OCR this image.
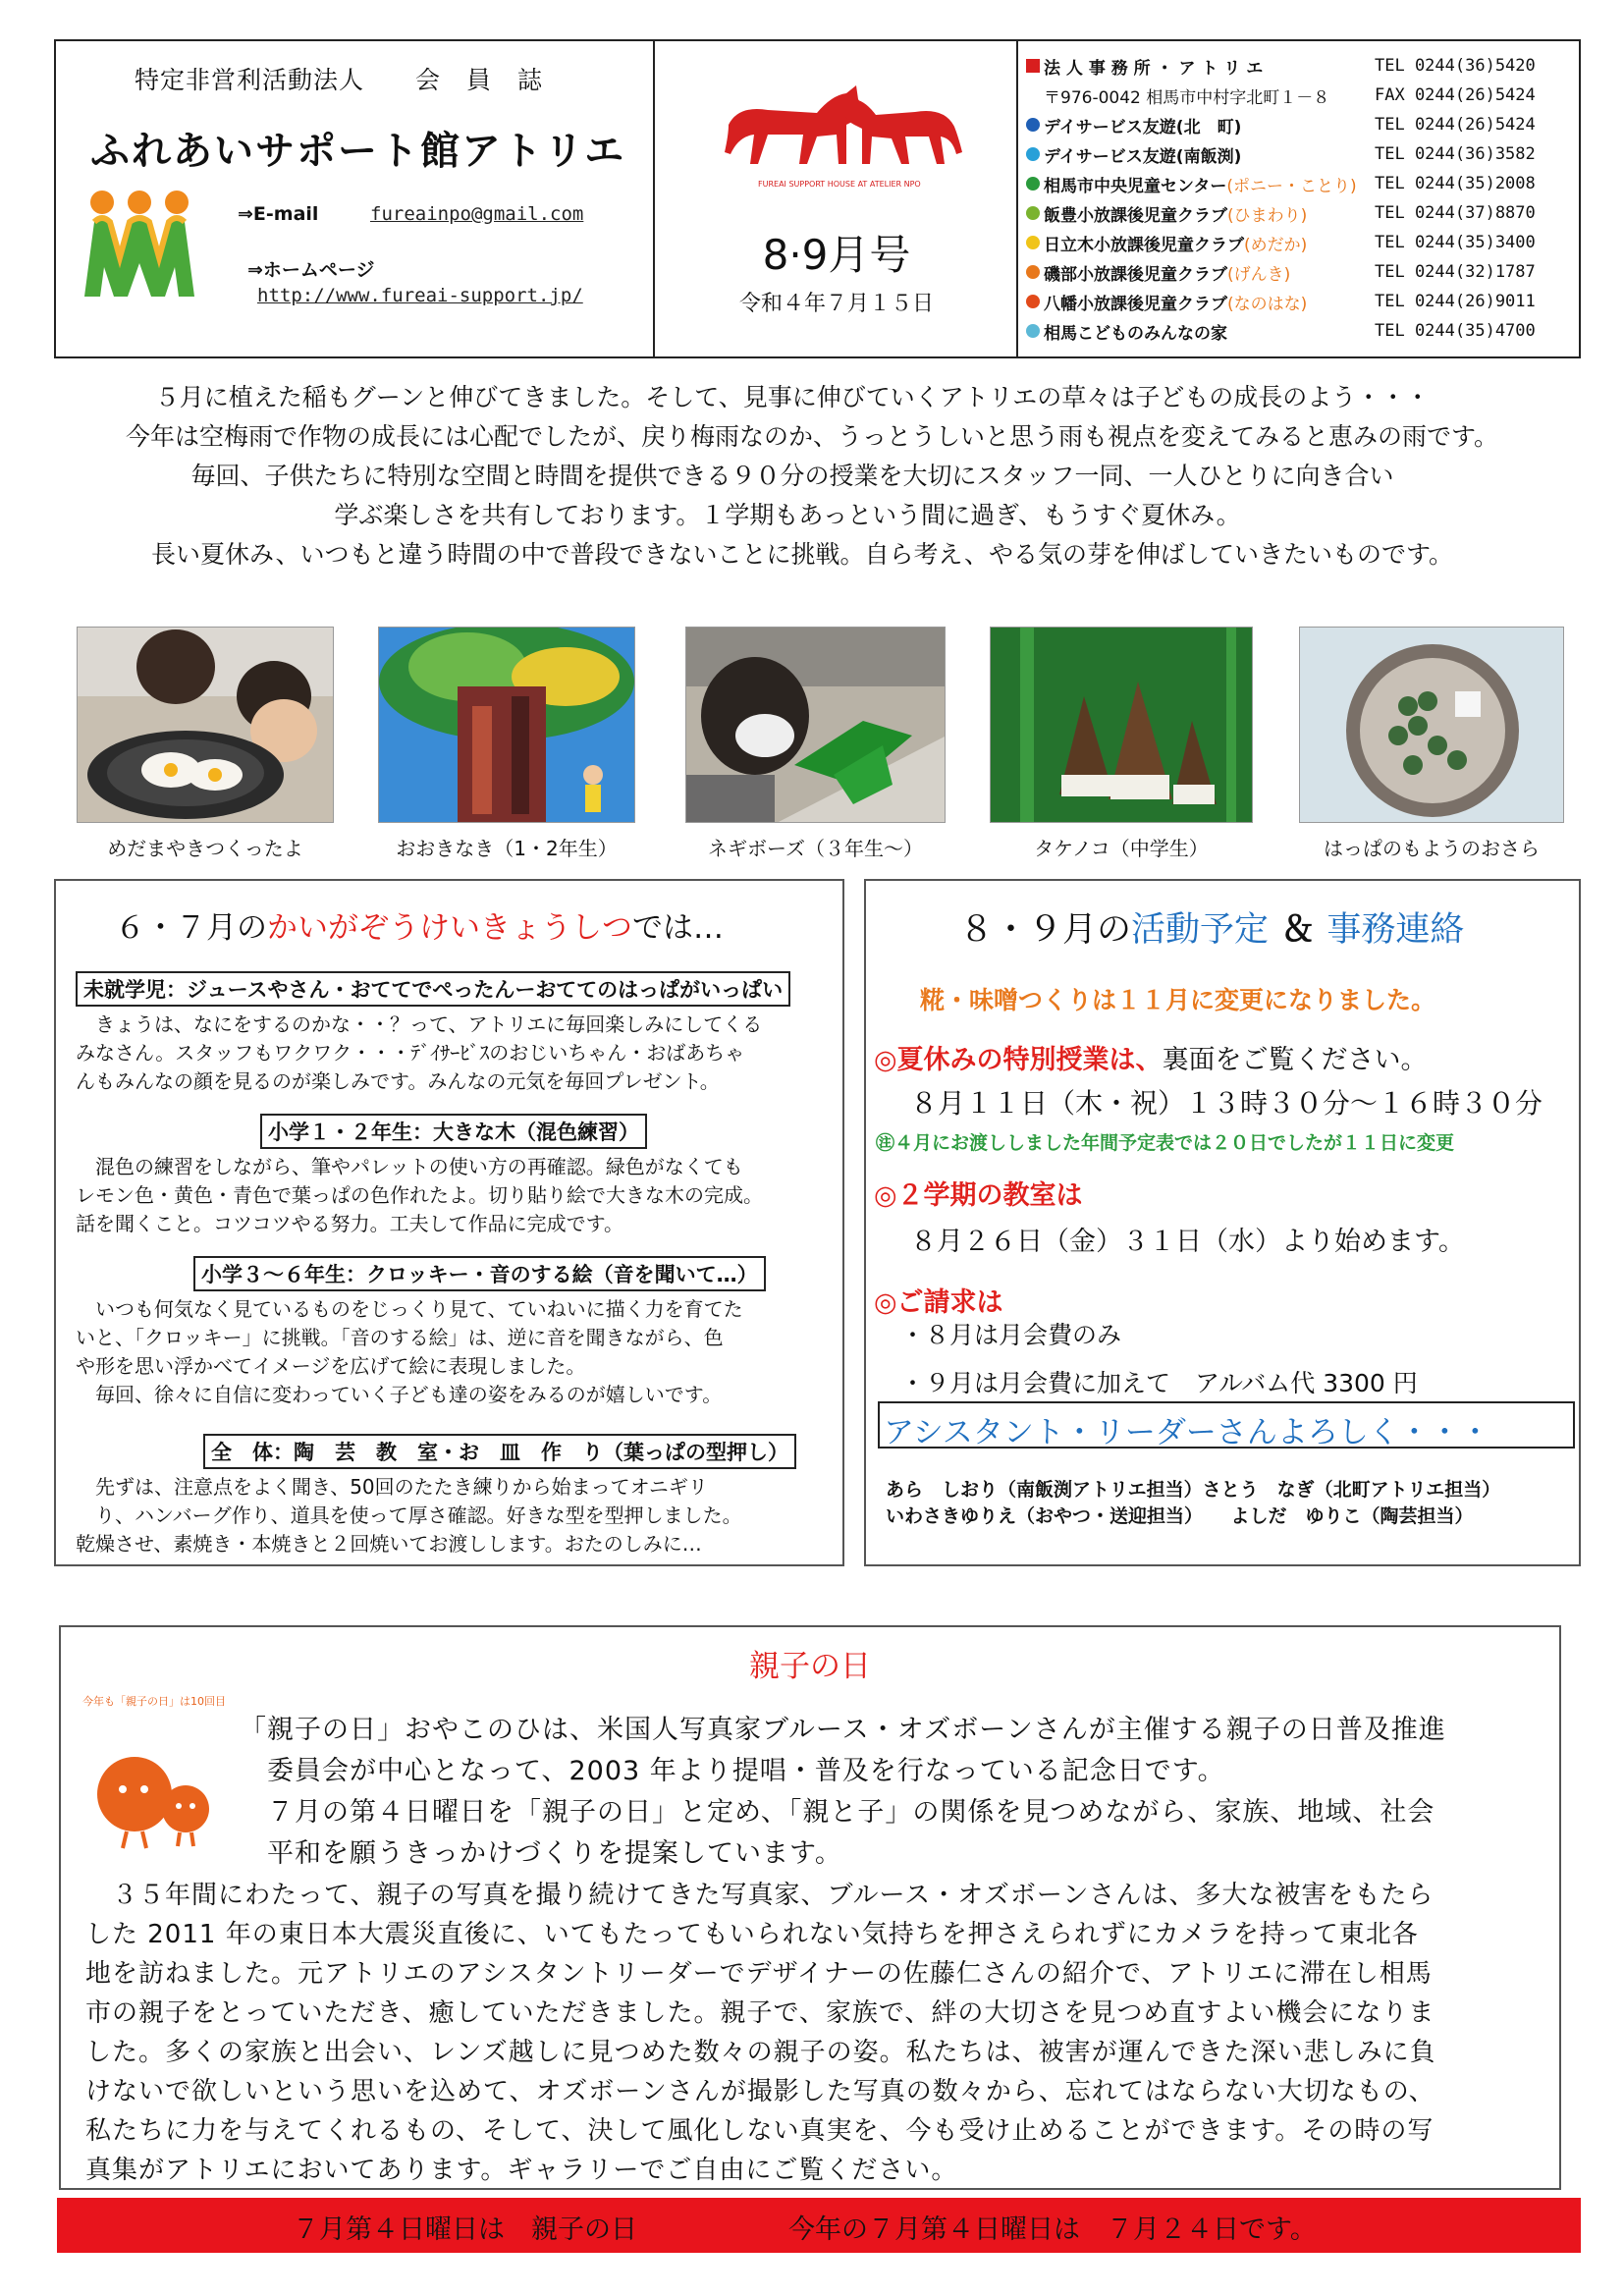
特定非営利活動法人　　会　員　誌
ふれあいサポート館アトリエ
⇒E-mail	fureainpo@gmail.com
⇒ホームページ
http://www.fureai-support.jp/
FUREAI SUPPORT HOUSE AT ATELIER NPO
8·9月号
令和４年７月１５日
法 人 事 務 所 ・ ア ト リ エ	TEL 0244(36)5420
〒976-0042 相馬市中村字北町１－８	FAX 0244(26)5424
デイサービス友遊(北　町)	TEL 0244(26)5424
デイサービス友遊(南飯渕)	TEL 0244(36)3582
相馬市中央児童センター (ポニー・ことり) TEL 0244(35)2008
飯豊小放課後児童クラブ (ひまわり)	TEL 0244(37)8870
日立木小放課後児童クラブ (めだか)	TEL 0244(35)3400
磯部小放課後児童クラブ (げんき)	TEL 0244(32)1787
八幡小放課後児童クラブ (なのはな)	TEL 0244(26)9011
相馬こどものみんなの家	TEL 0244(35)4700
５月に植えた稲もグーンと伸びてきました。そして、見事に伸びていくアトリエの草々は子どもの成長のよう・・・
今年は空梅雨で作物の成長には心配でしたが、戻り梅雨なのか、うっとうしいと思う雨も視点を変えてみると恵みの雨です。
毎回、子供たちに特別な空間と時間を提供できる９０分の授業を大切にスタッフ一同、一人ひとりに向き合い
学ぶ楽しさを共有しております。１学期もあっという間に過ぎ、もうすぐ夏休み。
長い夏休み、いつもと違う時間の中で普段できないことに挑戦。自ら考え、やる気の芽を伸ばしていきたいものです。
めだまやきつくったよ	おおきなき（1・2年生）	ネギボーズ（３年生～）	タケノコ（中学生）	はっぱのもようのおさら
６・７月のかいがぞうけいきょうしつでは…
未就学児：ジュースやさん・おててでぺったんーおててのはっぱがいっぱい
　きょうは、なにをするのかな・・？って、アトリエに毎回楽しみにしてくる
みなさん。スタッフもワクワク・・・ﾃﾞｲｻｰﾋﾞｽのおじいちゃん・おばあちゃ
んもみんなの顔を見るのが楽しみです。みんなの元気を毎回プレゼント。
小学１・２年生：大きな木（混色練習）
　混色の練習をしながら、筆やパレットの使い方の再確認。緑色がなくても
レモン色・黄色・青色で葉っぱの色作れたよ。切り貼り絵で大きな木の完成。
話を聞くこと。コツコツやる努力。工夫して作品に完成です。
小学３～６年生：クロッキー・音のする絵（音を聞いて…）
　いつも何気なく見ているものをじっくり見て、ていねいに描く力を育てた
いと、「クロッキー」に挑戦。「音のする絵」は、逆に音を聞きながら、色
や形を思い浮かべてイメージを広げて絵に表現しました。
　毎回、徐々に自信に変わっていく子ども達の姿をみるのが嬉しいです。
全　体：陶　芸　教　室・お　皿　作　り（葉っぱの型押し）
　先ずは、注意点をよく聞き、50回のたたき練りから始まってオニギリ
　り、ハンバーグ作り、道具を使って厚さ確認。好きな型を型押しました。
乾燥させ、素焼き・本焼きと２回焼いてお渡しします。おたのしみに…
８・９月の活動予定 ＆ 事務連絡
糀・味噌つくりは１１月に変更になりました。
◎夏休みの特別授業は、裏面をご覧ください。
８月１１日（木・祝）１３時３０分～１６時３０分
㊟４月にお渡ししました年間予定表では２０日でしたが１１日に変更
◎２学期の教室は
８月２６日（金）３１日（水）より始めます。
◎ご請求は
・８月は月会費のみ
・９月は月会費に加えて　アルバム代 3300 円
アシスタント・リーダーさんよろしく・・・
あら　しおり（南飯渕アトリエ担当）さとう　なぎ（北町アトリエ担当）
いわさきゆりえ（おやつ・送迎担当）　　よしだ　ゆりこ（陶芸担当）
親子の日
今年も「親子の日」は10回目
「親子の日」おやこのひは、米国人写真家ブルース・オズボーンさんが主催する親子の日普及推進
委員会が中心となって、2003 年より提唱・普及を行なっている記念日です。
７月の第４日曜日を「親子の日」と定め、「親と子」の関係を見つめながら、家族、地域、社会
平和を願うきっかけづくりを提案しています。
　３５年間にわたって、親子の写真を撮り続けてきた写真家、ブルース・オズボーンさんは、多大な被害をもたら
した 2011 年の東日本大震災直後に、いてもたってもいられない気持ちを押さえられずにカメラを持って東北各
地を訪ねました。元アトリエのアシスタントリーダーでデザイナーの佐藤仁さんの紹介で、アトリエに滞在し相馬
市の親子をとっていただき、癒していただきました。親子で、家族で、絆の大切さを見つめ直すよい機会になりま
した。多くの家族と出会い、レンズ越しに見つめた数々の親子の姿。私たちは、被害が運んできた深い悲しみに負
けないで欲しいという思いを込めて、オズボーンさんが撮影した写真の数々から、忘れてはならない大切なもの、
私たちに力を与えてくれるもの、そして、決して風化しない真実を、今も受け止めることができます。その時の写
真集がアトリエにおいてあります。ギャラリーでご自由にご覧ください。
７月第４日曜日は　親子の日	今年の７月第４日曜日は　７月２４日です。
